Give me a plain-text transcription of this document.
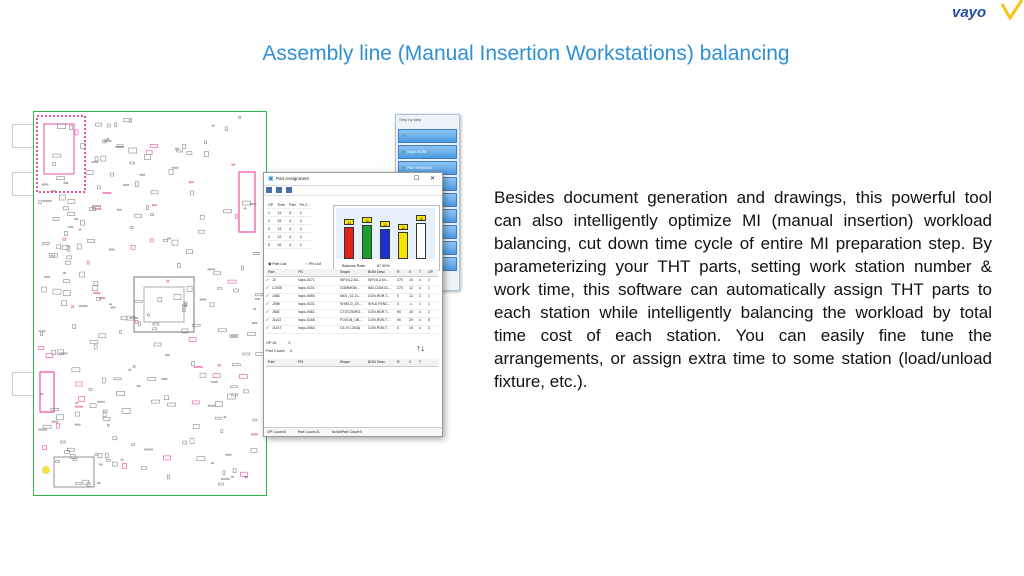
Assembly line (Manual Insertion Workstations) balancing
vayo
Besides document generation and drawings, this powerful tool can also intelligently optimize MI (manual insertion) workload balancing, cut down time cycle of entire MI preparation step. By parameterizing your THT parts, setting work station number & work time, this software can automatically assign THT parts to each station while intelligently balancing the workload by total time cost of each station. You can easily fine tune the arrangements, or assign extra time to some station (load/unload fixture, etc.).
Step by step
✔
✔ Input BOM
✔ Part Selection
Part Assignment
▣	☐ ✕
OP	Time	Part	Pn C...
1	14	5	4
2	15	4	3
3	13	4	3
4	12	4	3
5	16	4	4
14	15
13
12
16
Balance Rate:	87.50%
◉ Part List	○ PN List
Part	PN	Shape	BOM Desc	R	X T OP
✔ J3	Vayo-0171	SIP16-2-54... SIP16-2-54... 270 15 4 2
✔ L1005	Vayo-0101	COMMOM... IND,COM,DL... 270 12 4 1
✔ J484	Vayo-0060	MOL_22-11... CON,HDR,T... 0	12 3 1
✔ J398	Vayo-0101	SHIELD_ZX... SHLD,FENC... 0	-1 1 1
✔ J682	Vayo-0061	CTST254RO... CON,HDR,T... 90 15 4 2
✔ J1102	Vayo-0168	FOXCN_UB... CON,RVB,T... 90 29 4 5
✔ J1107	Vayo-0064	CIL,R,I,203A CON,RVB,T... 0	15 4 2
OP ID:	0
Part Count: 0	↑↓
Part	PN	Shape	BOM Desc	R	X T
OP Count:5	Part Count:21	NoSetPart Count:0
